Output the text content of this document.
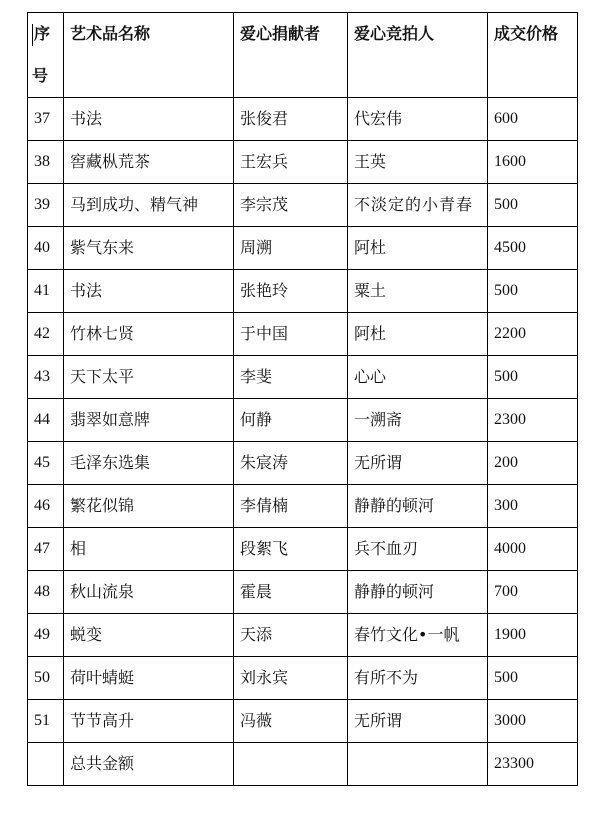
序
号	艺术品名称	爱心捐献者	爱心竞拍人	成交价格
37	书法	张俊君	代宏伟	600
38	窖藏枞荒茶	王宏兵	王英	1600
39	马到成功、精气神	李宗茂	不淡定的小青春	500
40	紫气东来	周溯	阿杜	4500
41	书法	张艳玲	粟土	500
42	竹林七贤	于中国	阿杜	2200
43	天下太平	李斐	心心	500
44	翡翠如意牌	何静	一溯斋	2300
45	毛泽东选集	朱宸涛	无所谓	200
46	繁花似锦	李倩楠	静静的顿河	300
47	相	段絮飞	兵不血刃	4000
48	秋山流泉	霍晨	静静的顿河	700
49	蜕变	天添	春竹文化•一帆	1900
50	荷叶蜻蜓	刘永宾	有所不为	500
51	节节高升	冯薇	无所谓	3000
	总共金额			23300
